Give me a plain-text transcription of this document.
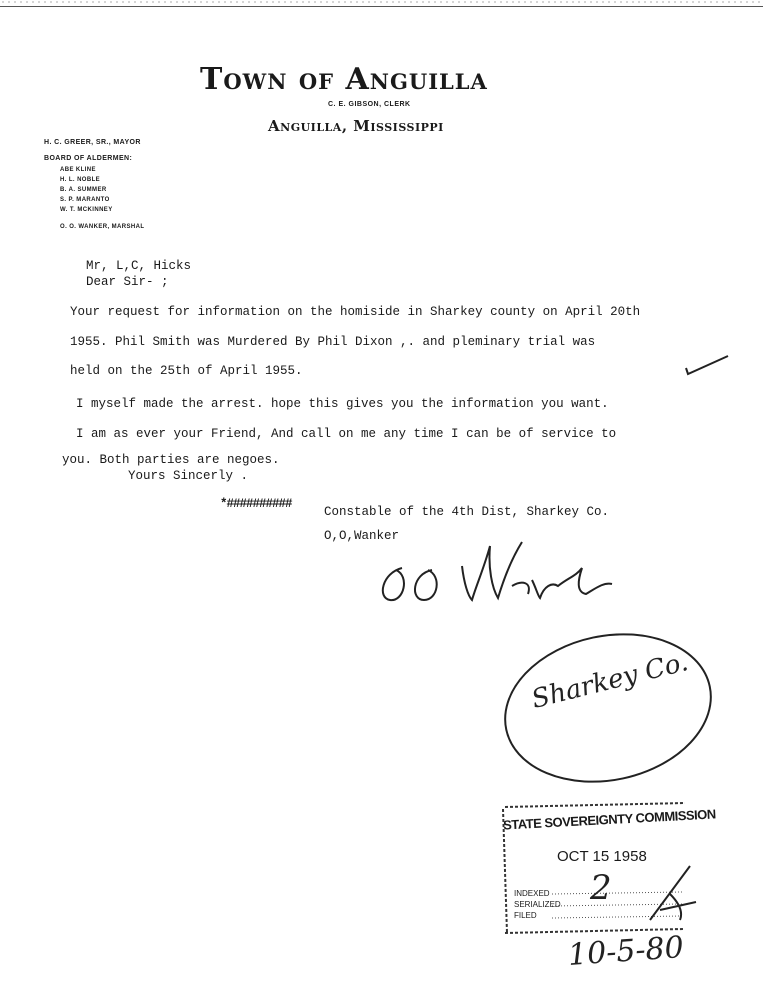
Town of Anguilla
C. E. GIBSON, CLERK
Anguilla, Mississippi
H. C. GREER, SR., MAYOR
BOARD OF ALDERMEN:
ABE KLINE
H. L. NOBLE
B. A. SUMMER
S. P. MARANTO
W. T. MCKINNEY
O. O. WANKER, MARSHAL
Mr, L,C, Hicks
Dear Sir- ;
Your request for information on the homiside in Sharkey county on April 20th
1955. Phil Smith was Murdered By Phil Dixon ,. and pleminary trial was
held on the 25th of April 1955.
I myself made the arrest. hope this gives you the information you want.
I am as ever your Friend, And call on me any time I can be of service to
you. Both parties are negoes.
Yours Sincerly .
*##########
Constable of the 4th Dist, Sharkey Co.
O,O,Wanker
Sharkey Co.
STATE SOVEREIGNTY COMMISSION
OCT 15 1958
INDEXED
SERIALIZED
FILED
2
10-5-80
